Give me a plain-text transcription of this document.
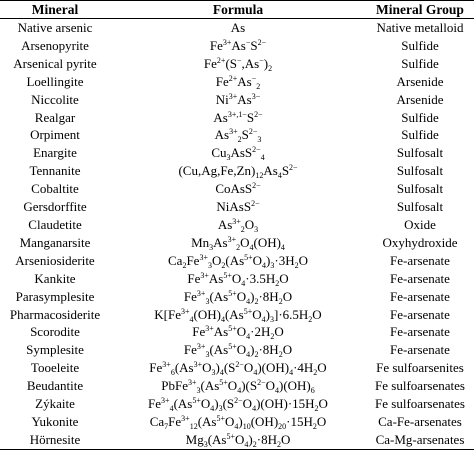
Mineral	Formula	Mineral Group
Native arsenic	As	Native metalloid
Arsenopyrite	$Fe^{3+}As^-S^{2-}$	Sulfide
Arsenical pyrite	$Fe^{2+}(S^-,As^-)_2$	Sulfide
Loellingite	$Fe^{2+}As^-_2$	Arsenide
Niccolite	$Ni^{3+}As^{3-}$	Arsenide
Realgar	$As^{3+,1-}S^{2-}$	Sulfide
Orpiment	$As^{3+}_2S^{2-}_3$	Sulfide
Enargite	$Cu_3AsS^{2-}_4$	Sulfosalt
Tennanite	$(Cu,Ag,Fe,Zn)_{12}As_4S^{2-}$	Sulfosalt
Cobaltite	CoAsS$^{2-}$	Sulfosalt
Gersdorffite	NiAsS$^{2-}$	Sulfosalt
Claudetite	$As^{3+}_2O_3$	Oxide
Manganarsite	$Mn_3As^{3+}_2O_4(OH)_4$	Oxyhydroxide
Arseniosiderite	$Ca_2Fe^{3+}_3O_2(As^{5+}O_4)_3\cdot 3H_2O$	Fe-arsenate
Kankite	$Fe^{3+}As^{5+}O_4\cdot 3.5H_2O$	Fe-arsenate
Parasymplesite	$Fe^{3+}_3(As^{5+}O_4)_2\cdot 8H_2O$	Fe-arsenate
Pharmacosiderite	$K[Fe^{3+}_4(OH)_4(As^{5+}O_4)_3]\cdot 6.5H_2O$	Fe-arsenate
Scorodite	$Fe^{3+}As^{5+}O_4\cdot 2H_2O$	Fe-arsenate
Symplesite	$Fe^{3+}_3(As^{5+}O_4)_2\cdot 8H_2O$	Fe-arsenate
Tooeleite	$Fe^{3+}_6(As^{3+}O_3)_4(S^{2-}O_4)(OH)_4\cdot 4H_2O$	Fe sulfoarsenites
Beudantite	$PbFe^{3+}_3(As^{5+}O_4)(S^{2-}O_4)(OH)_6$	Fe sulfoarsenates
Zýkaite	$Fe^{3+}_4(As^{5+}O_4)_3(S^{2-}O_4)(OH)\cdot 15H_2O$	Fe sulfoarsenates
Yukonite	$Ca_7Fe^{3+}_{12}(As^{5+}O_4)_{10}(OH)_{20}\cdot 15H_2O$	Ca-Fe-arsenates
Hörnesite	$Mg_3(As^{5+}O_4)_2\cdot 8H_2O$	Ca-Mg-arsenates
